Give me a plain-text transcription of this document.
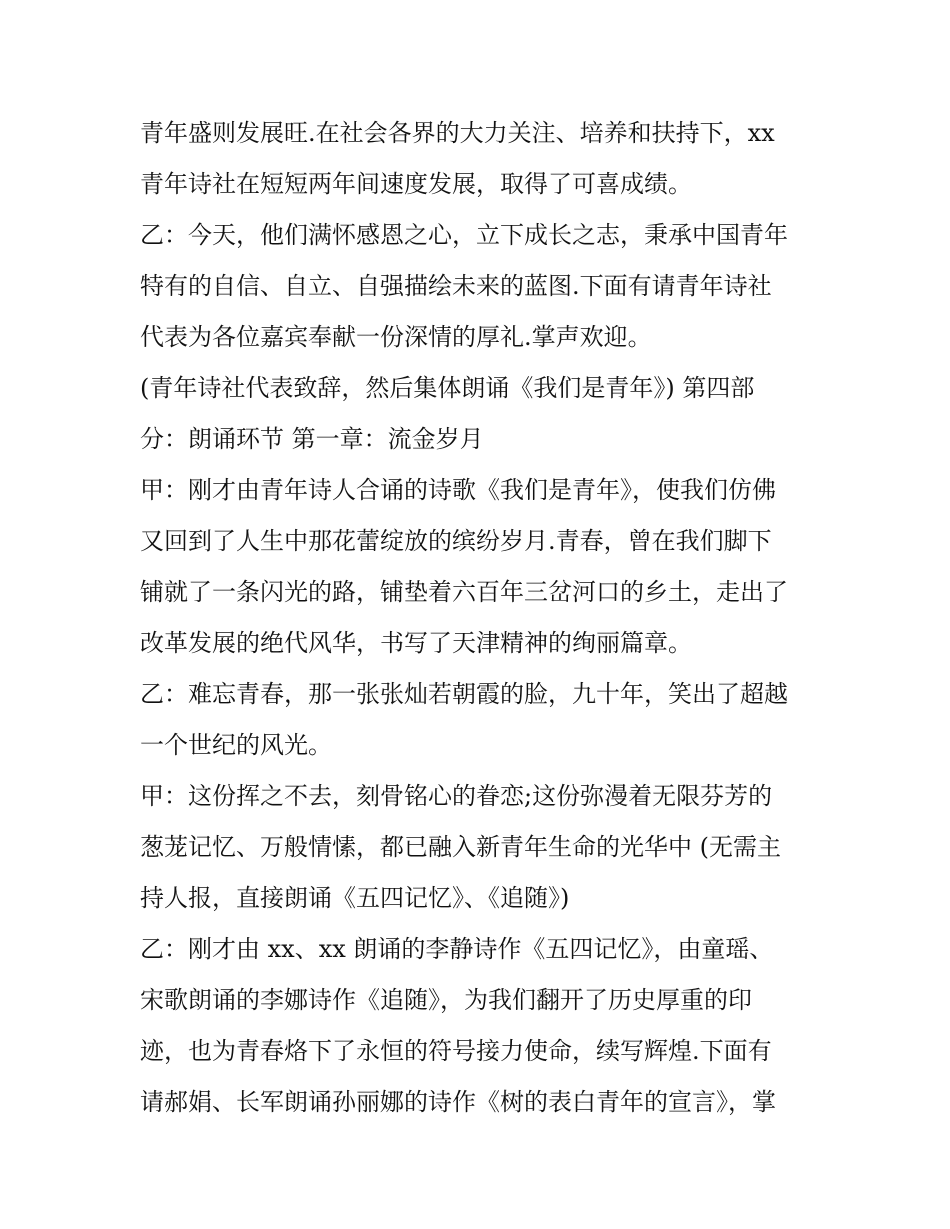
青年盛则发展旺.在社会各界的大力关注、培养和扶持下，xx
青年诗社在短短两年间速度发展，取得了可喜成绩。
乙：今天，他们满怀感恩之心，立下成长之志，秉承中国青年
特有的自信、自立、自强描绘未来的蓝图.下面有请青年诗社
代表为各位嘉宾奉献一份深情的厚礼.掌声欢迎。
(青年诗社代表致辞，然后集体朗诵《我们是青年》) 第四部
分：朗诵环节 第一章：流金岁月
甲：刚才由青年诗人合诵的诗歌《我们是青年》，使我们仿佛
又回到了人生中那花蕾绽放的缤纷岁月.青春，曾在我们脚下
铺就了一条闪光的路，铺垫着六百年三岔河口的乡土，走出了
改革发展的绝代风华，书写了天津精神的绚丽篇章。
乙：难忘青春，那一张张灿若朝霞的脸，九十年，笑出了超越
一个世纪的风光。
甲：这份挥之不去，刻骨铭心的眷恋;这份弥漫着无限芬芳的
葱茏记忆、万般情愫，都已融入新青年生命的光华中 (无需主
持人报，直接朗诵《五四记忆》、《追随》)
乙：刚才由 xx、xx 朗诵的李静诗作《五四记忆》，由童瑶、
宋歌朗诵的李娜诗作《追随》，为我们翻开了历史厚重的印
迹，也为青春烙下了永恒的符号接力使命，续写辉煌.下面有
请郝娟、长军朗诵孙丽娜的诗作《树的表白青年的宣言》，掌
